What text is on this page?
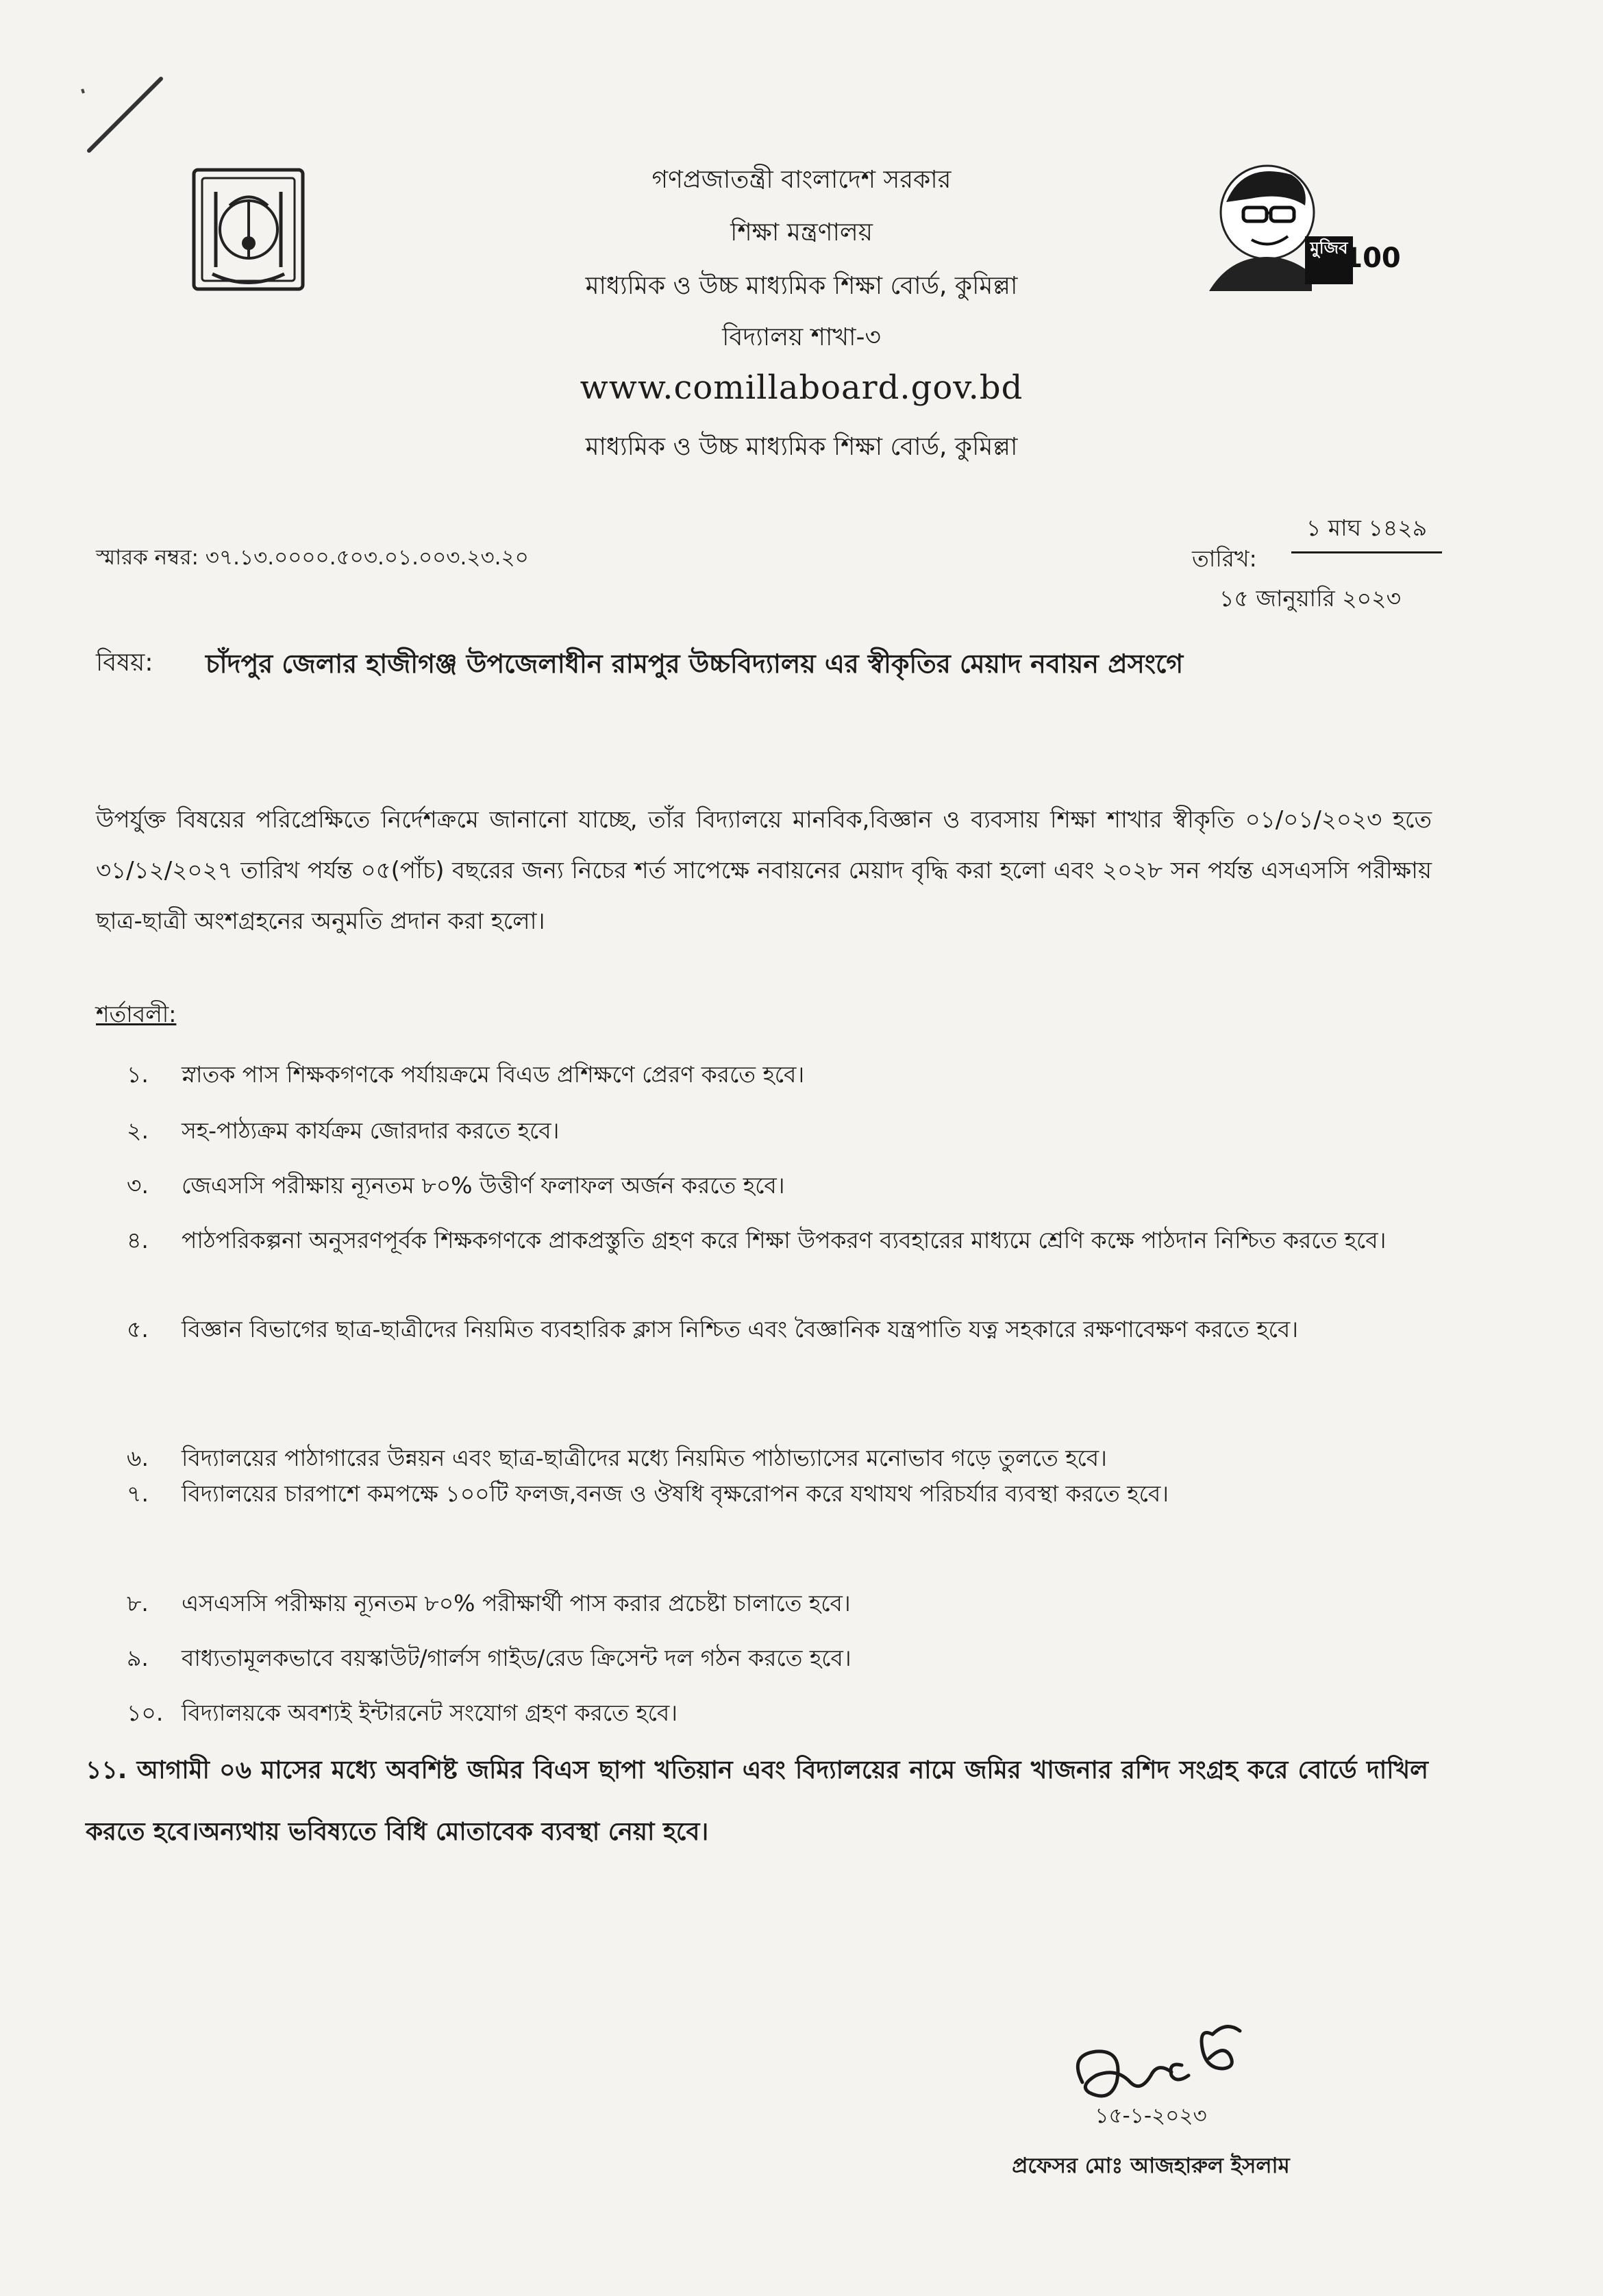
গণপ্রজাতন্ত্রী বাংলাদেশ সরকার
শিক্ষা মন্ত্রণালয়
মাধ্যমিক ও উচ্চ মাধ্যমিক শিক্ষা বোর্ড, কুমিল্লা
বিদ্যালয় শাখা-৩
www.comillaboard.gov.bd
মাধ্যমিক ও উচ্চ মাধ্যমিক শিক্ষা বোর্ড, কুমিল্লা
মুজিব
100
স্মারক নম্বর: ৩৭.১৩.০০০০.৫০৩.০১.০০৩.২৩.২০	তারিখ:
১ মাঘ ১৪২৯
১৫ জানুয়ারি ২০২৩
বিষয়: চাঁদপুর জেলার হাজীগঞ্জ উপজেলাধীন রামপুর উচ্চবিদ্যালয় এর স্বীকৃতির মেয়াদ নবায়ন প্রসংগে
উপর্যুক্ত বিষয়ের পরিপ্রেক্ষিতে নির্দেশক্রমে জানানো যাচ্ছে, তাঁর বিদ্যালয়ে মানবিক,বিজ্ঞান ও ব্যবসায় শিক্ষা শাখার স্বীকৃতি ০১/০১/২০২৩ হতে ৩১/১২/২০২৭ তারিখ পর্যন্ত ০৫(পাঁচ) বছরের জন্য নিচের শর্ত সাপেক্ষে নবায়নের মেয়াদ বৃদ্ধি করা হলো এবং ২০২৮ সন পর্যন্ত এসএসসি পরীক্ষায় ছাত্র-ছাত্রী অংশগ্রহনের অনুমতি প্রদান করা হলো।
শর্তাবলী:
১. স্নাতক পাস শিক্ষকগণকে পর্যায়ক্রমে বিএড প্রশিক্ষণে প্রেরণ করতে হবে।
২. সহ-পাঠ্যক্রম কার্যক্রম জোরদার করতে হবে।
৩. জেএসসি পরীক্ষায় ন্যূনতম ৮০% উত্তীর্ণ ফলাফল অর্জন করতে হবে।
৪. পাঠপরিকল্পনা অনুসরণপূর্বক শিক্ষকগণকে প্রাকপ্রস্তুতি গ্রহণ করে শিক্ষা উপকরণ ব্যবহারের মাধ্যমে শ্রেণি কক্ষে পাঠদান নিশ্চিত করতে হবে।
৫. বিজ্ঞান বিভাগের ছাত্র-ছাত্রীদের নিয়মিত ব্যবহারিক ক্লাস নিশ্চিত এবং বৈজ্ঞানিক যন্ত্রপাতি যত্ন সহকারে রক্ষণাবেক্ষণ করতে হবে।
৬. বিদ্যালয়ের পাঠাগারের উন্নয়ন এবং ছাত্র-ছাত্রীদের মধ্যে নিয়মিত পাঠাভ্যাসের মনোভাব গড়ে তুলতে হবে।
৭. বিদ্যালয়ের চারপাশে কমপক্ষে ১০০টি ফলজ,বনজ ও ঔষধি বৃক্ষরোপন করে যথাযথ পরিচর্যার ব্যবস্থা করতে হবে।
৮. এসএসসি পরীক্ষায় ন্যূনতম ৮০% পরীক্ষার্থী পাস করার প্রচেষ্টা চালাতে হবে।
৯. বাধ্যতামূলকভাবে বয়স্কাউট/গার্লস গাইড/রেড ক্রিসেন্ট দল গঠন করতে হবে।
১০. বিদ্যালয়কে অবশ্যই ইন্টারনেট সংযোগ গ্রহণ করতে হবে।
১১. আগামী ০৬ মাসের মধ্যে অবশিষ্ট জমির বিএস ছাপা খতিয়ান এবং বিদ্যালয়ের নামে জমির খাজনার রশিদ সংগ্রহ করে বোর্ডে দাখিল করতে হবে।অন্যথায় ভবিষ্যতে বিধি মোতাবেক ব্যবস্থা নেয়া হবে।
১৫-১-২০২৩
প্রফেসর মোঃ আজহারুল ইসলাম
